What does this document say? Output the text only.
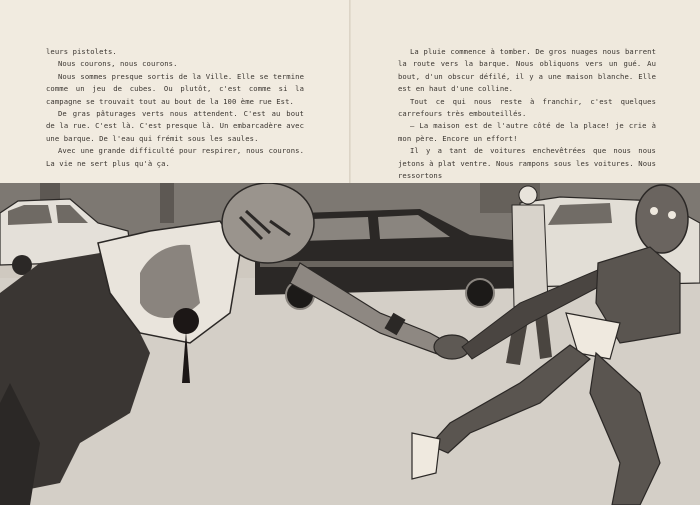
leurs pistolets.

Nous courons, nous courons.

Nous sommes presque sortis de la Ville. Elle se termine comme un jeu de cubes. Ou plutôt, c'est comme si la campagne se trouvait tout au bout de la 100 ème rue Est.

De gras pâturages verts nous attendent. C'est au bout de la rue. C'est là. C'est presque là. Un embarcadère avec une barque. De l'eau qui frémit sous les saules.

Avec une grande difficulté pour respirer, nous courons. La vie ne sert plus qu'à ça.

La pluie commence à tomber. De gros nuages nous barrent la route vers la barque. Nous obliquons vers un gué. Au bout, d'un obscur défilé, il y a une maison blanche. Elle est en haut d'une colline.

Tout ce qui nous reste à franchir, c'est quelques carrefours très embouteillés.

– La maison est de l'autre côté de la place! je crie à mon père. Encore un effort!

Il y a tant de voitures enchevêtrées que nous nous jetons à plat ventre. Nous rampons sous les voitures. Nous ressortons
